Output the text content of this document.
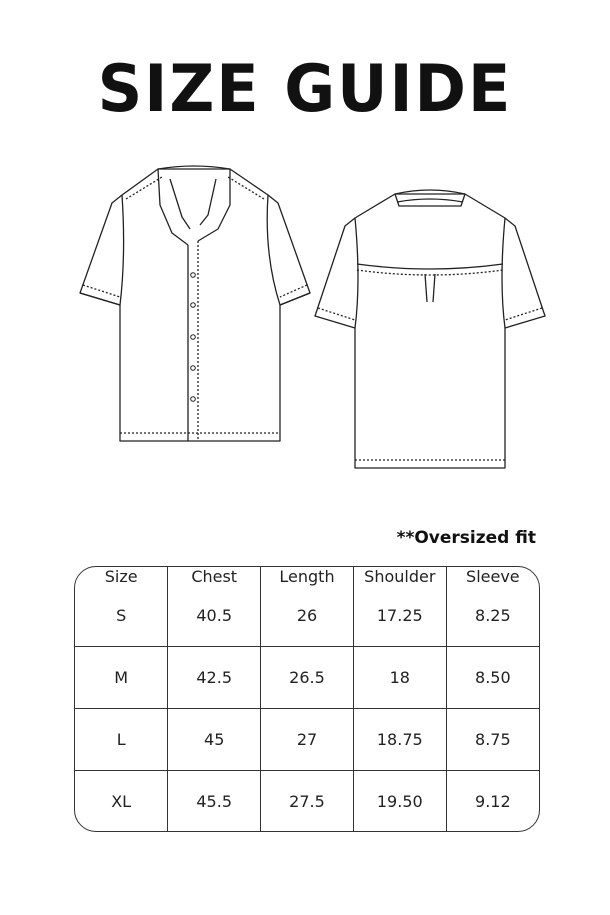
SIZE GUIDE

**Oversized fit

Size	Chest	Length	Shoulder	Sleeve
S	40.5	26	17.25	8.25
M	42.5	26.5	18	8.50
L	45	27	18.75	8.75
XL	45.5	27.5	19.50	9.12
